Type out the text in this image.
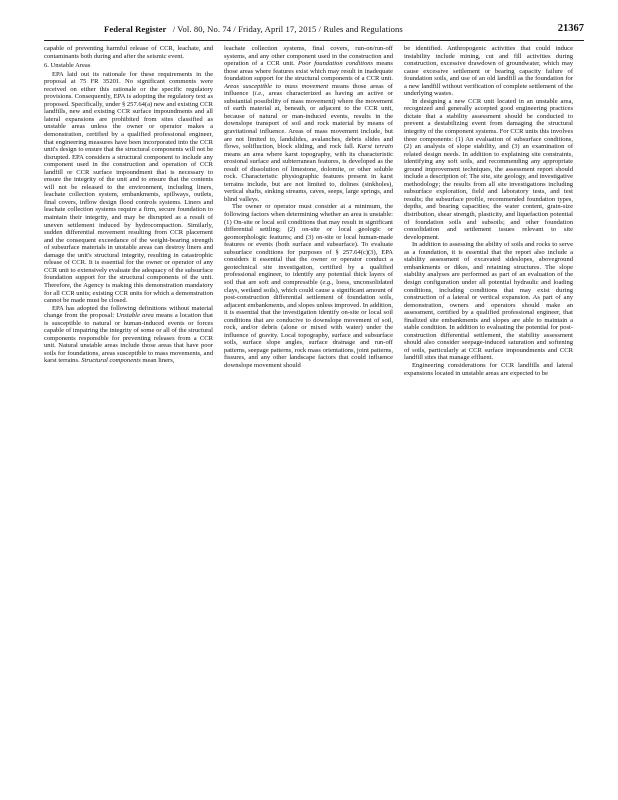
Federal Register / Vol. 80, No. 74 / Friday, April 17, 2015 / Rules and Regulations	21367

capable of preventing harmful release of CCR, leachate, and contaminants both during and after the seismic event.

6. Unstable Areas

EPA laid out its rationale for these requirements in the proposal at 75 FR 35201. No significant comments were received on either this rationale or the specific regulatory provisions. Consequently, EPA is adopting the regulatory text as proposed. Specifically, under § 257.64(a) new and existing CCR landfills, new and existing CCR surface impoundments and all lateral expansions are prohibited from sites classified as unstable areas unless the owner or operator makes a demonstration, certified by a qualified professional engineer, that engineering measures have been incorporated into the CCR unit's design to ensure that the structural components will not be disrupted. EPA considers a structural component to include any component used in the construction and operation of CCR landfill or CCR surface impoundment that is necessary to ensure the integrity of the unit and to ensure that the contents will not be released to the environment, including liners, leachate collection system, embankments, spillways, outlets, final covers, inflow design flood controls systems. Liners and leachate collection systems require a firm, secure foundation to maintain their integrity, and may be disrupted as a result of uneven settlement induced by hydrocompaction. Similarly, sudden differential movement resulting from CCR placement and the consequent exceedance of the weight-bearing strength of subsurface materials in unstable areas can destroy liners and damage the unit's structural integrity, resulting in catastrophic release of CCR. It is essential for the owner or operator of any CCR unit to extensively evaluate the adequacy of the subsurface foundation support for the structural components of the unit. Therefore, the Agency is making this demonstration mandatory for all CCR units; existing CCR units for which a demonstration cannot be made must be closed.

EPA has adopted the following definitions without material change from the proposal: Unstable area means a location that is susceptible to natural or human-induced events or forces capable of impairing the integrity of some or all of the structural components responsible for preventing releases from a CCR unit. Natural unstable areas include those areas that have poor soils for foundations, areas susceptible to mass movements, and karst terrains. Structural components mean liners,

leachate collection systems, final covers, run-on/run-off systems, and any other component used in the construction and operation of a CCR unit. Poor foundation conditions means those areas where features exist which may result in inadequate foundation support for the structural components of a CCR unit. Areas susceptible to mass movement means those areas of influence (i.e., areas characterized as having an active or substantial possibility of mass movement) where the movement of earth material at, beneath, or adjacent to the CCR unit, because of natural or man-induced events, results in the downslope transport of soil and rock material by means of gravitational influence. Areas of mass movement include, but are not limited to, landslides, avalanches, debris slides and flows, solifluction, block sliding, and rock fall. Karst terrain means an area where karst topography, with its characteristic erosional surface and subterranean features, is developed as the result of dissolution of limestone, dolomite, or other soluble rock. Characteristic physiographic features present in karst terrains include, but are not limited to, dolines (sinkholes), vertical shafts, sinking streams, caves, seeps, large springs, and blind valleys.

The owner or operator must consider at a minimum, the following factors when determining whether an area is unstable: (1) On-site or local soil conditions that may result in significant differential settling; (2) on-site or local geologic or geomorphologic features; and (3) on-site or local human-made features or events (both surface and subsurface). To evaluate subsurface conditions for purposes of § 257.64(c)(3), EPA considers it essential that the owner or operator conduct a geotechnical site investigation, certified by a qualified professional engineer, to identify any potential thick layers of soil that are soft and compressible (e.g., loess, unconsolidated clays, wetland soils), which could cause a significant amount of post-construction differential settlement of foundation soils, adjacent embankments, and slopes unless improved. In addition, it is essential that the investigation identify on-site or local soil conditions that are conducive to downslope movement of soil, rock, and/or debris (alone or mixed with water) under the influence of gravity. Local topography, surface and subsurface soils, surface slope angles, surface drainage and run-off patterns, seepage patterns, rock mass orientations, joint patterns, fissures, and any other landscape factors that could influence downslope movement should

be identified. Anthropogenic activities that could induce instability include mining, cut and fill activities during construction, excessive drawdown of groundwater, which may cause excessive settlement or bearing capacity failure of foundation soils, and use of an old landfill as the foundation for a new landfill without verification of complete settlement of the underlying wastes.

In designing a new CCR unit located in an unstable area, recognized and generally accepted good engineering practices dictate that a stability assessment should be conducted to prevent a destabilizing event from damaging the structural integrity of the component systems. For CCR units this involves three components: (1) An evaluation of subsurface conditions, (2) an analysis of slope stability, and (3) an examination of related design needs. In addition to explaining site constraints, identifying any soft soils, and recommending any appropriate ground improvement techniques, the assessment report should include a description of: The site, site geology, and investigative methodology; the results from all site investigations including subsurface exploration, field and laboratory tests, and test results; the subsurface profile, recommended foundation types, depths, and bearing capacities; the water content, grain-size distribution, shear strength, plasticity, and liquefaction potential of foundation soils and subsoils; and other foundation consolidation and settlement issues relevant to site development.

In addition to assessing the ability of soils and rocks to serve as a foundation, it is essential that the report also include a stability assessment of excavated sideslopes, aboveground embankments or dikes, and retaining structures. The slope stability analyses are performed as part of an evaluation of the design configuration under all potential hydraulic and loading conditions, including conditions that may exist during construction of a lateral or vertical expansion. As part of any demonstration, owners and operators should make an assessment, certified by a qualified professional engineer, that finalized site embankments and slopes are able to maintain a stable condition. In addition to evaluating the potential for post-construction differential settlement, the stability assessment should also consider seepage-induced saturation and softening of soils, particularly at CCR surface impoundments and CCR landfill sites that manage effluent.

Engineering considerations for CCR landfills and lateral expansions located in unstable areas are expected to be
